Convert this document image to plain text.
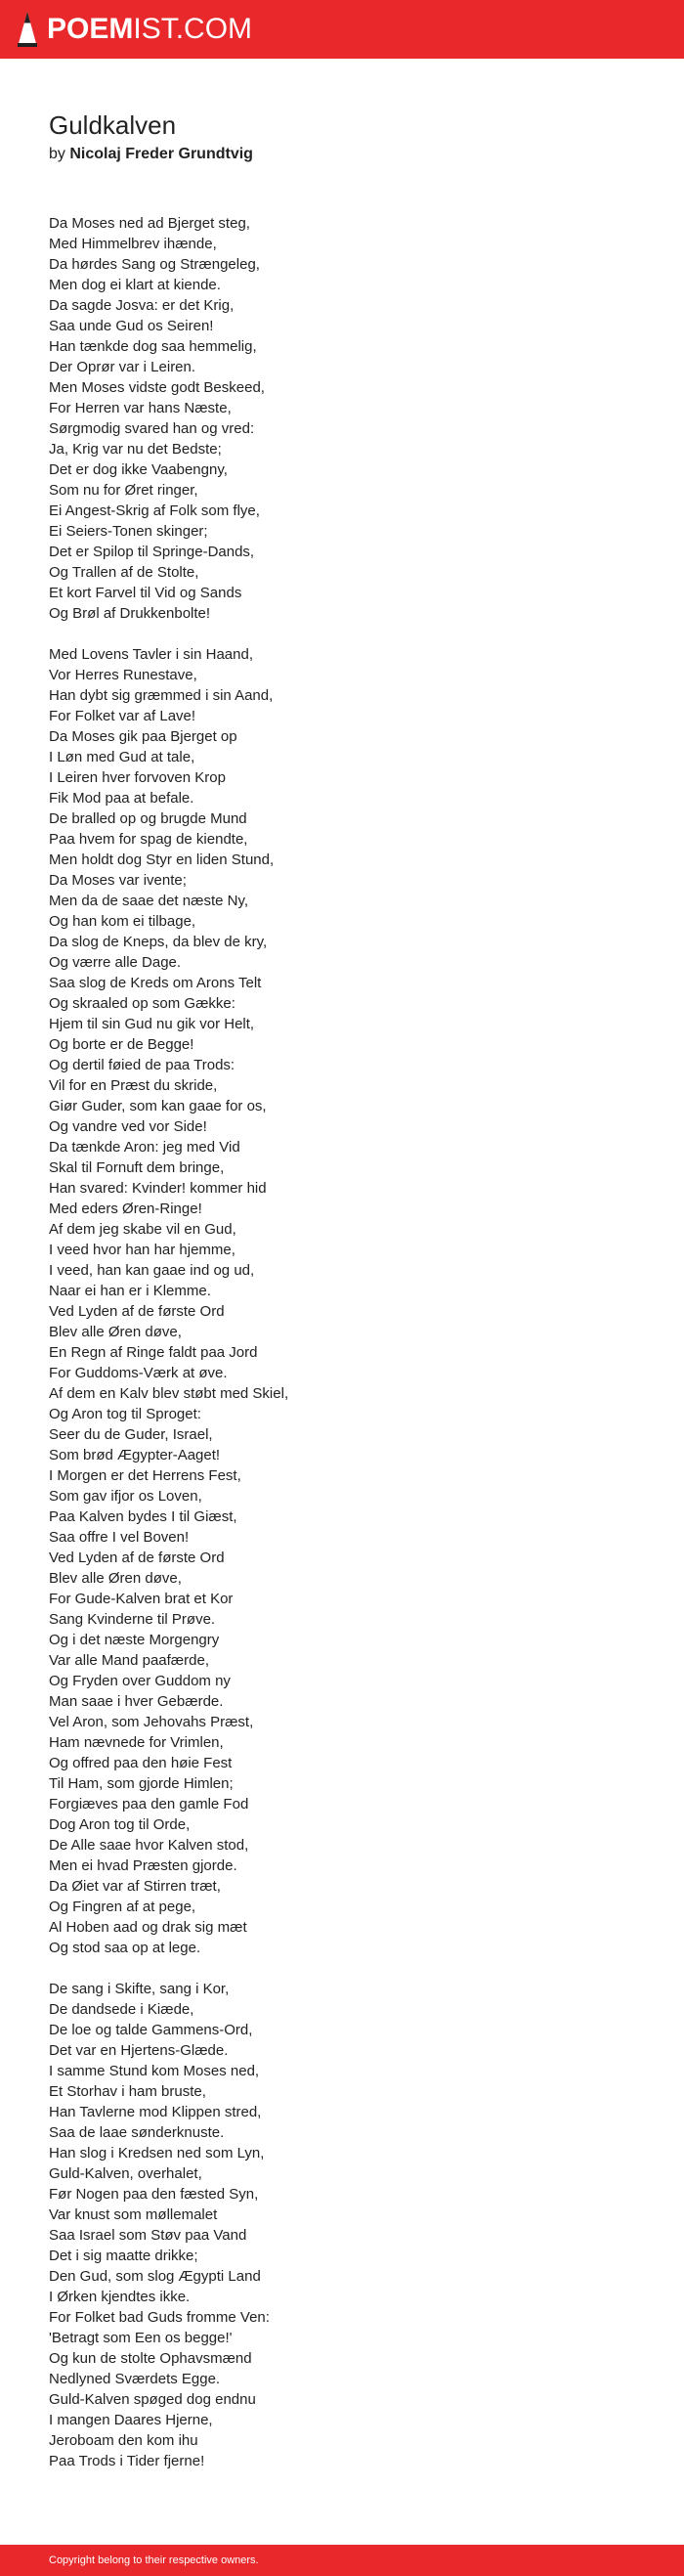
POEMIST.COM
Guldkalven
by Nicolaj Freder Grundtvig

Da Moses ned ad Bjerget steg,
Med Himmelbrev ihænde,
Da hørdes Sang og Strængeleg,
Men dog ei klart at kiende.
Da sagde Josva: er det Krig,
Saa unde Gud os Seiren!
Han tænkde dog saa hemmelig,
Der Oprør var i Leiren.
Men Moses vidste godt Beskeed,
For Herren var hans Næste,
Sørgmodig svared han og vred:
Ja, Krig var nu det Bedste;
Det er dog ikke Vaabengny,
Som nu for Øret ringer,
Ei Angest-Skrig af Folk som flye,
Ei Seiers-Tonen skinger;
Det er Spilop til Springe-Dands,
Og Trallen af de Stolte,
Et kort Farvel til Vid og Sands
Og Brøl af Drukkenbolte!

Med Lovens Tavler i sin Haand,
Vor Herres Runestave,
Han dybt sig græmmed i sin Aand,
For Folket var af Lave!
Da Moses gik paa Bjerget op
I Løn med Gud at tale,
I Leiren hver forvoven Krop
Fik Mod paa at befale.
De bralled op og brugde Mund
Paa hvem for spag de kiendte,
Men holdt dog Styr en liden Stund,
Da Moses var ivente;
Men da de saae det næste Ny,
Og han kom ei tilbage,
Da slog de Kneps, da blev de kry,
Og værre alle Dage.
Saa slog de Kreds om Arons Telt
Og skraaled op som Gække:
Hjem til sin Gud nu gik vor Helt,
Og borte er de Begge!
Og dertil føied de paa Trods:
Vil for en Præst du skride,
Giør Guder, som kan gaae for os,
Og vandre ved vor Side!
Da tænkde Aron: jeg med Vid
Skal til Fornuft dem bringe,
Han svared: Kvinder! kommer hid
Med eders Øren-Ringe!
Af dem jeg skabe vil en Gud,
I veed hvor han har hjemme,
I veed, han kan gaae ind og ud,
Naar ei han er i Klemme.
Ved Lyden af de første Ord
Blev alle Øren døve,
En Regn af Ringe faldt paa Jord
For Guddoms-Værk at øve.
Af dem en Kalv blev støbt med Skiel,
Og Aron tog til Sproget:
Seer du de Guder, Israel,
Som brød Ægypter-Aaget!
I Morgen er det Herrens Fest,
Som gav ifjor os Loven,
Paa Kalven bydes I til Giæst,
Saa offre I vel Boven!
Ved Lyden af de første Ord
Blev alle Øren døve,
For Gude-Kalven brat et Kor
Sang Kvinderne til Prøve.
Og i det næste Morgengry
Var alle Mand paafærde,
Og Fryden over Guddom ny
Man saae i hver Gebærde.
Vel Aron, som Jehovahs Præst,
Ham nævnede for Vrimlen,
Og offred paa den høie Fest
Til Ham, som gjorde Himlen;
Forgiæves paa den gamle Fod
Dog Aron tog til Orde,
De Alle saae hvor Kalven stod,
Men ei hvad Præsten gjorde.
Da Øiet var af Stirren træt,
Og Fingren af at pege,
Al Hoben aad og drak sig mæt
Og stod saa op at lege.

De sang i Skifte, sang i Kor,
De dandsede i Kiæde,
De loe og talde Gammens-Ord,
Det var en Hjertens-Glæde.
I samme Stund kom Moses ned,
Et Storhav i ham bruste,
Han Tavlerne mod Klippen stred,
Saa de laae sønderknuste.
Han slog i Kredsen ned som Lyn,
Guld-Kalven, overhalet,
Før Nogen paa den fæsted Syn,
Var knust som møllemalet
Saa Israel som Støv paa Vand
Det i sig maatte drikke;
Den Gud, som slog Ægypti Land
I Ørken kjendtes ikke.
For Folket bad Guds fromme Ven:
'Betragt som Een os begge!'
Og kun de stolte Ophavsmænd
Nedlyned Sværdets Egge.
Guld-Kalven spøged dog endnu
I mangen Daares Hjerne,
Jeroboam den kom ihu
Paa Trods i Tider fjerne!

Copyright belong to their respective owners.
